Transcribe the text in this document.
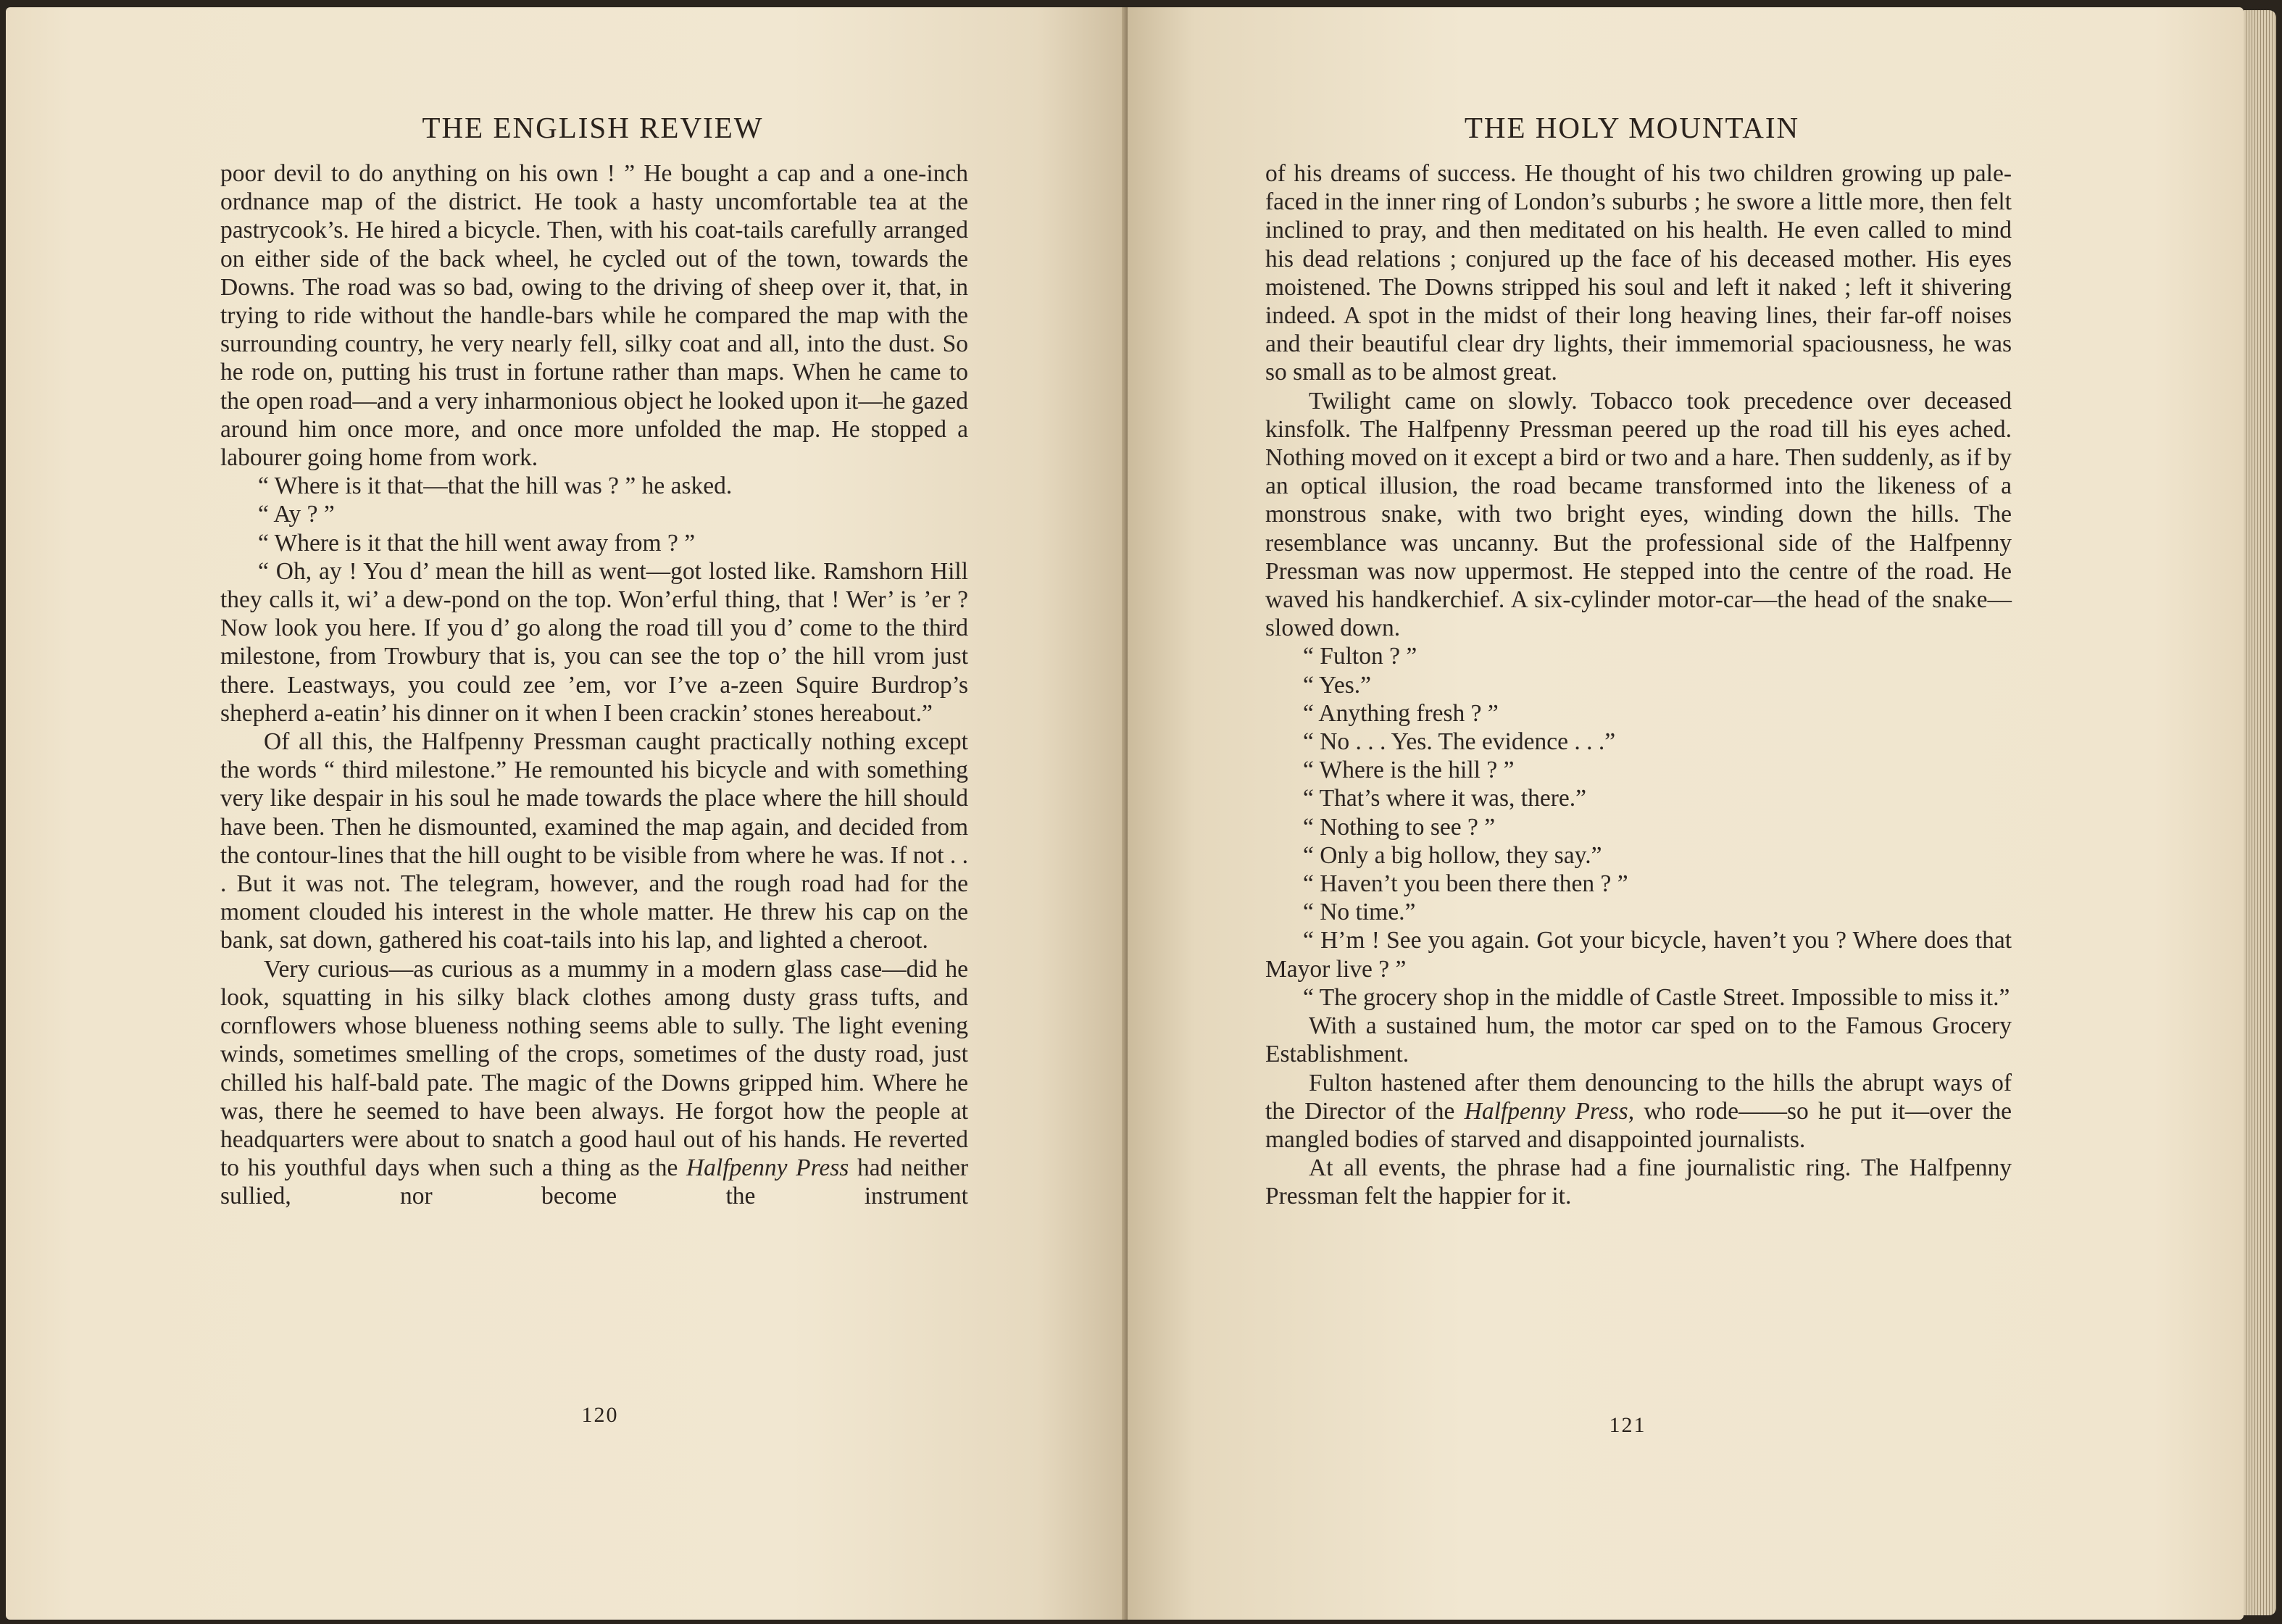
THE ENGLISH REVIEW

poor devil to do anything on his own ! ” He bought a cap and a one-inch ordnance map of the district. He took a hasty uncomfortable tea at the pastrycook’s. He hired a bicycle. Then, with his coat-tails carefully arranged on either side of the back wheel, he cycled out of the town, towards the Downs. The road was so bad, owing to the driving of sheep over it, that, in trying to ride without the handle-bars while he compared the map with the surrounding country, he very nearly fell, silky coat and all, into the dust. So he rode on, putting his trust in fortune rather than maps. When he came to the open road—and a very inharmonious object he looked upon it—he gazed around him once more, and once more unfolded the map. He stopped a labourer going home from work.

“ Where is it that—that the hill was ? ” he asked.

“ Ay ? ”

“ Where is it that the hill went away from ? ”

“ Oh, ay ! You d’ mean the hill as went—got losted like. Ramshorn Hill they calls it, wi’ a dew-pond on the top. Won’erful thing, that ! Wer’ is ’er ? Now look you here. If you d’ go along the road till you d’ come to the third milestone, from Trowbury that is, you can see the top o’ the hill vrom just there. Leastways, you could zee ’em, vor I’ve a-zeen Squire Burdrop’s shepherd a-eatin’ his dinner on it when I been crackin’ stones hereabout.”

Of all this, the Halfpenny Pressman caught practically nothing except the words “ third milestone.” He remounted his bicycle and with something very like despair in his soul he made towards the place where the hill should have been. Then he dismounted, examined the map again, and decided from the contour-lines that the hill ought to be visible from where he was. If not . . . But it was not. The telegram, however, and the rough road had for the moment clouded his interest in the whole matter. He threw his cap on the bank, sat down, gathered his coat-tails into his lap, and lighted a cheroot.

Very curious—as curious as a mummy in a modern glass case—did he look, squatting in his silky black clothes among dusty grass tufts, and cornflowers whose blueness nothing seems able to sully. The light evening winds, sometimes smelling of the crops, sometimes of the dusty road, just chilled his half-bald pate. The magic of the Downs gripped him. Where he was, there he seemed to have been always. He forgot how the people at headquarters were about to snatch a good haul out of his hands. He reverted to his youthful days when such a thing as the Halfpenny Press had neither sullied, nor become the instrument

120
THE HOLY MOUNTAIN

of his dreams of success. He thought of his two children growing up pale-faced in the inner ring of London’s suburbs ; he swore a little more, then felt inclined to pray, and then meditated on his health. He even called to mind his dead relations ; conjured up the face of his deceased mother. His eyes moistened. The Downs stripped his soul and left it naked ; left it shivering indeed. A spot in the midst of their long heaving lines, their far-off noises and their beautiful clear dry lights, their immemorial spaciousness, he was so small as to be almost great.

Twilight came on slowly. Tobacco took precedence over deceased kinsfolk. The Halfpenny Pressman peered up the road till his eyes ached. Nothing moved on it except a bird or two and a hare. Then suddenly, as if by an optical illusion, the road became transformed into the likeness of a monstrous snake, with two bright eyes, winding down the hills. The resemblance was uncanny. But the professional side of the Halfpenny Pressman was now uppermost. He stepped into the centre of the road. He waved his handkerchief. A six-cylinder motor-car—the head of the snake—slowed down.

“ Fulton ? ”

“ Yes.”

“ Anything fresh ? ”

“ No . . . Yes. The evidence . . .”

“ Where is the hill ? ”

“ That’s where it was, there.”

“ Nothing to see ? ”

“ Only a big hollow, they say.”

“ Haven’t you been there then ? ”

“ No time.”

“ H’m ! See you again. Got your bicycle, haven’t you ? Where does that Mayor live ? ”

“ The grocery shop in the middle of Castle Street. Impossible to miss it.”

With a sustained hum, the motor car sped on to the Famous Grocery Establishment.

Fulton hastened after them denouncing to the hills the abrupt ways of the Director of the Halfpenny Press, who rode——so he put it—over the mangled bodies of starved and disappointed journalists.

At all events, the phrase had a fine journalistic ring. The Halfpenny Pressman felt the happier for it.

121
